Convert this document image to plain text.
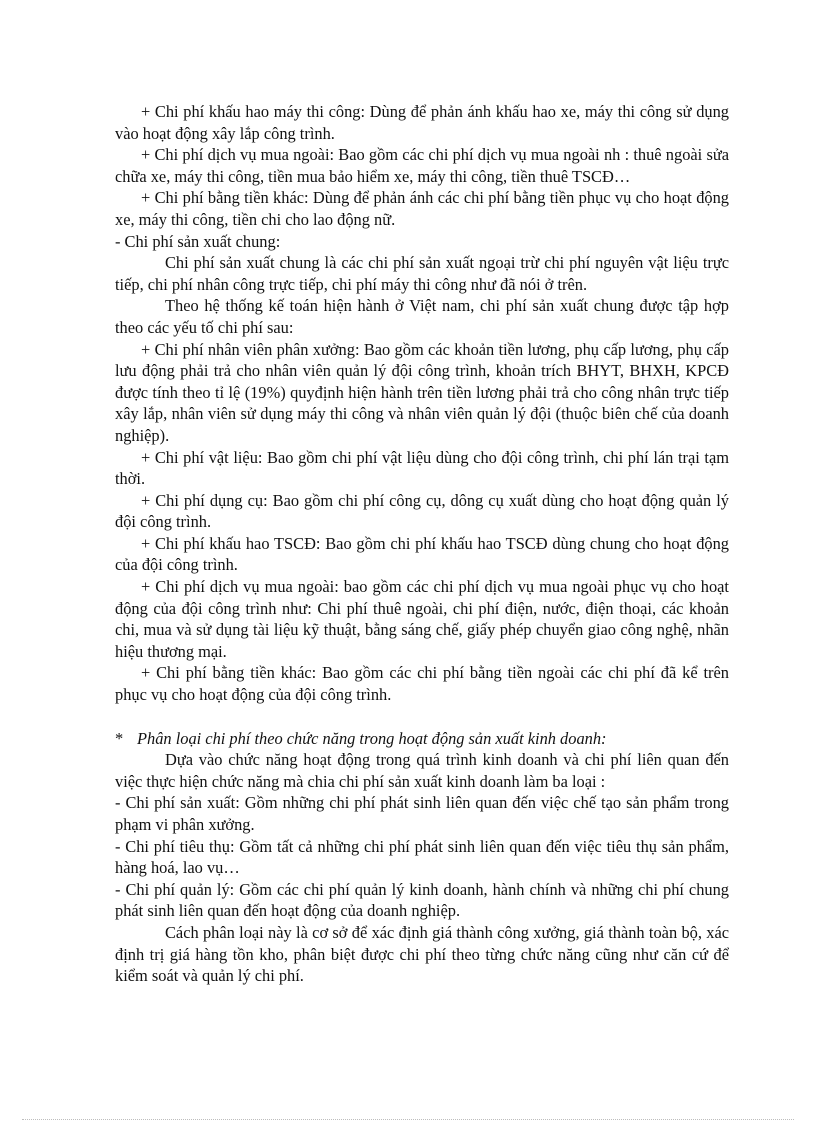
+ Chi phí khấu hao máy thi công: Dùng để phản ánh khấu hao xe, máy thi công sử dụng vào hoạt động xây lắp công trình.

+ Chi phí dịch vụ mua ngoài: Bao gồm các chi phí dịch vụ mua ngoài nh : thuê ngoài sửa chữa xe, máy thi công, tiền mua bảo hiểm xe, máy thi công, tiền thuê TSCĐ…

+ Chi phí bằng tiền khác: Dùng để phản ánh các chi phí bằng tiền phục vụ cho hoạt động xe, máy thi công, tiền chi cho lao động nữ.

- Chi phí sản xuất chung:

Chi phí sản xuất chung là các chi phí sản xuất ngoại trừ chi phí nguyên vật liệu trực tiếp, chi phí nhân công trực tiếp, chi phí máy thi công như đã nói ở trên.

Theo hệ thống kế toán hiện hành ở Việt nam, chi phí sản xuất chung được tập hợp theo các yếu tố chi phí sau:

+ Chi phí nhân viên phân xưởng: Bao gồm các khoản tiền lương, phụ cấp lương, phụ cấp lưu động phải trả cho nhân viên quản lý đội công trình, khoản trích BHYT, BHXH, KPCĐ được tính theo tỉ lệ (19%) quyđịnh hiện hành trên tiền lương phải trả cho công nhân trực tiếp xây lắp, nhân viên sử dụng máy thi công và nhân viên quản lý đội (thuộc biên chế của doanh nghiệp).

+ Chi phí vật liệu: Bao gồm chi phí vật liệu dùng cho đội công trình, chi phí lán trại tạm thời.

+ Chi phí dụng cụ: Bao gồm chi phí công cụ, dông cụ xuất dùng cho hoạt động quản lý đội công trình.

+ Chi phí khấu hao TSCĐ: Bao gồm chi phí khấu hao TSCĐ dùng chung cho hoạt động của đội công trình.

+ Chi phí dịch vụ mua ngoài: bao gồm các chi phí dịch vụ mua ngoài phục vụ cho hoạt động của đội công trình như: Chi phí thuê ngoài, chi phí điện, nước, điện thoại, các khoản chi, mua và sử dụng tài liệu kỹ thuật, bằng sáng chế, giấy phép chuyển giao công nghệ, nhãn hiệu thương mại.

+ Chi phí bằng tiền khác: Bao gồm các chi phí bằng tiền ngoài các chi phí đã kể trên phục vụ cho hoạt động của đội công trình.

* Phân loại chi phí theo chức năng trong hoạt động sản xuất kinh doanh:

Dựa vào chức năng hoạt động trong quá trình kinh doanh và chi phí liên quan đến việc thực hiện chức năng mà chia chi phí sản xuất kinh doanh làm ba loại :

- Chi phí sản xuất: Gồm những chi phí phát sinh liên quan đến việc chế tạo sản phẩm trong phạm vi phân xưởng.

- Chi phí tiêu thụ: Gồm tất cả những chi phí phát sinh liên quan đến việc tiêu thụ sản phẩm, hàng hoá, lao vụ…

- Chi phí quản lý: Gồm các chi phí quản lý kinh doanh, hành chính và những chi phí chung phát sinh liên quan đến hoạt động của doanh nghiệp.

Cách phân loại này là cơ sở để xác định giá thành công xưởng, giá thành toàn bộ, xác định trị giá hàng tồn kho, phân biệt được chi phí theo từng chức năng cũng như căn cứ để kiểm soát và quản lý chi phí.
